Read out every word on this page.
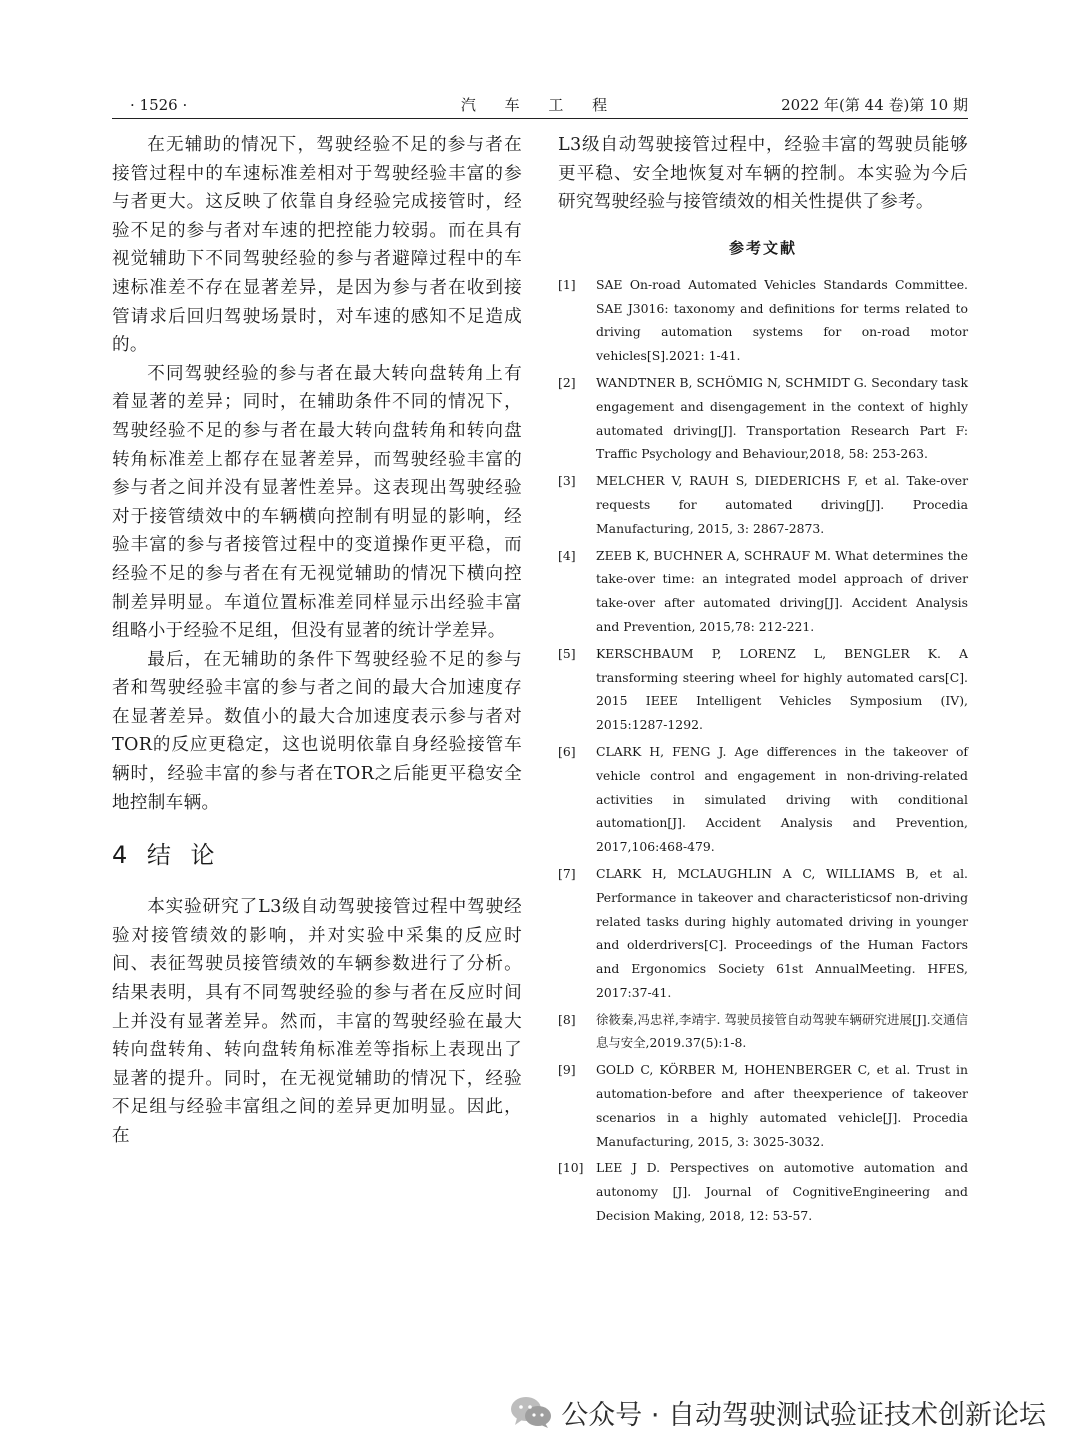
· 1526 ·	汽 车 工 程	2022 年(第 44 卷)第 10 期

在无辅助的情况下，驾驶经验不足的参与者在接管过程中的车速标准差相对于驾驶经验丰富的参与者更大。这反映了依靠自身经验完成接管时，经验不足的参与者对车速的把控能力较弱。而在具有视觉辅助下不同驾驶经验的参与者避障过程中的车速标准差不存在显著差异，是因为参与者在收到接管请求后回归驾驶场景时，对车速的感知不足造成的。

不同驾驶经验的参与者在最大转向盘转角上有着显著的差异；同时，在辅助条件不同的情况下，驾驶经验不足的参与者在最大转向盘转角和转向盘转角标准差上都存在显著差异，而驾驶经验丰富的参与者之间并没有显著性差异。这表现出驾驶经验对于接管绩效中的车辆横向控制有明显的影响，经验丰富的参与者接管过程中的变道操作更平稳，而经验不足的参与者在有无视觉辅助的情况下横向控制差异明显。车道位置标准差同样显示出经验丰富组略小于经验不足组，但没有显著的统计学差异。

最后，在无辅助的条件下驾驶经验不足的参与者和驾驶经验丰富的参与者之间的最大合加速度存在显著差异。数值小的最大合加速度表示参与者对TOR的反应更稳定，这也说明依靠自身经验接管车辆时，经验丰富的参与者在TOR之后能更平稳安全地控制车辆。

4 结 论

本实验研究了L3级自动驾驶接管过程中驾驶经验对接管绩效的影响，并对实验中采集的反应时间、表征驾驶员接管绩效的车辆参数进行了分析。结果表明，具有不同驾驶经验的参与者在反应时间上并没有显著差异。然而，丰富的驾驶经验在最大转向盘转角、转向盘转角标准差等指标上表现出了显著的提升。同时，在无视觉辅助的情况下，经验不足组与经验丰富组之间的差异更加明显。因此，在

L3级自动驾驶接管过程中，经验丰富的驾驶员能够更平稳、安全地恢复对车辆的控制。本实验为今后研究驾驶经验与接管绩效的相关性提供了参考。

参考文献
[1] SAE On-road Automated Vehicles Standards Committee. SAE J3016: taxonomy and definitions for terms related to driving automation systems for on-road motor vehicles[S].2021: 1-41.
[2] WANDTNER B, SCHÖMIG N, SCHMIDT G. Secondary task engagement and disengagement in the context of highly automated driving[J]. Transportation Research Part F: Traffic Psychology and Behaviour,2018, 58: 253-263.
[3] MELCHER V, RAUH S, DIEDERICHS F, et al. Take-over requests for automated driving[J]. Procedia Manufacturing, 2015, 3: 2867-2873.
[4] ZEEB K, BUCHNER A, SCHRAUF M. What determines the take-over time: an integrated model approach of driver take-over after automated driving[J]. Accident Analysis and Prevention, 2015,78: 212-221.
[5] KERSCHBAUM P, LORENZ L, BENGLER K. A transforming steering wheel for highly automated cars[C]. 2015 IEEE Intelligent Vehicles Symposium (IV), 2015:1287-1292.
[6] CLARK H, FENG J. Age differences in the takeover of vehicle control and engagement in non-driving-related activities in simulated driving with conditional automation[J]. Accident Analysis and Prevention, 2017,106:468-479.
[7] CLARK H, MCLAUGHLIN A C, WILLIAMS B, et al. Performance in takeover and characteristicsof non-driving related tasks during highly automated driving in younger and olderdrivers[C]. Proceedings of the Human Factors and Ergonomics Society 61st AnnualMeeting. HFES, 2017:37-41.
[8] 徐筱秦,冯忠祥,李靖宇. 驾驶员接管自动驾驶车辆研究进展[J].交通信息与安全,2019.37(5):1-8.
[9] GOLD C, KÖRBER M, HOHENBERGER C, et al. Trust in automation-before and after theexperience of takeover scenarios in a highly automated vehicle[J]. Procedia Manufacturing, 2015, 3: 3025-3032.
[10] LEE J D. Perspectives on automotive automation and autonomy [J]. Journal of CognitiveEngineering and Decision Making, 2018, 12: 53-57.
公众号 · 自动驾驶测试验证技术创新论坛
